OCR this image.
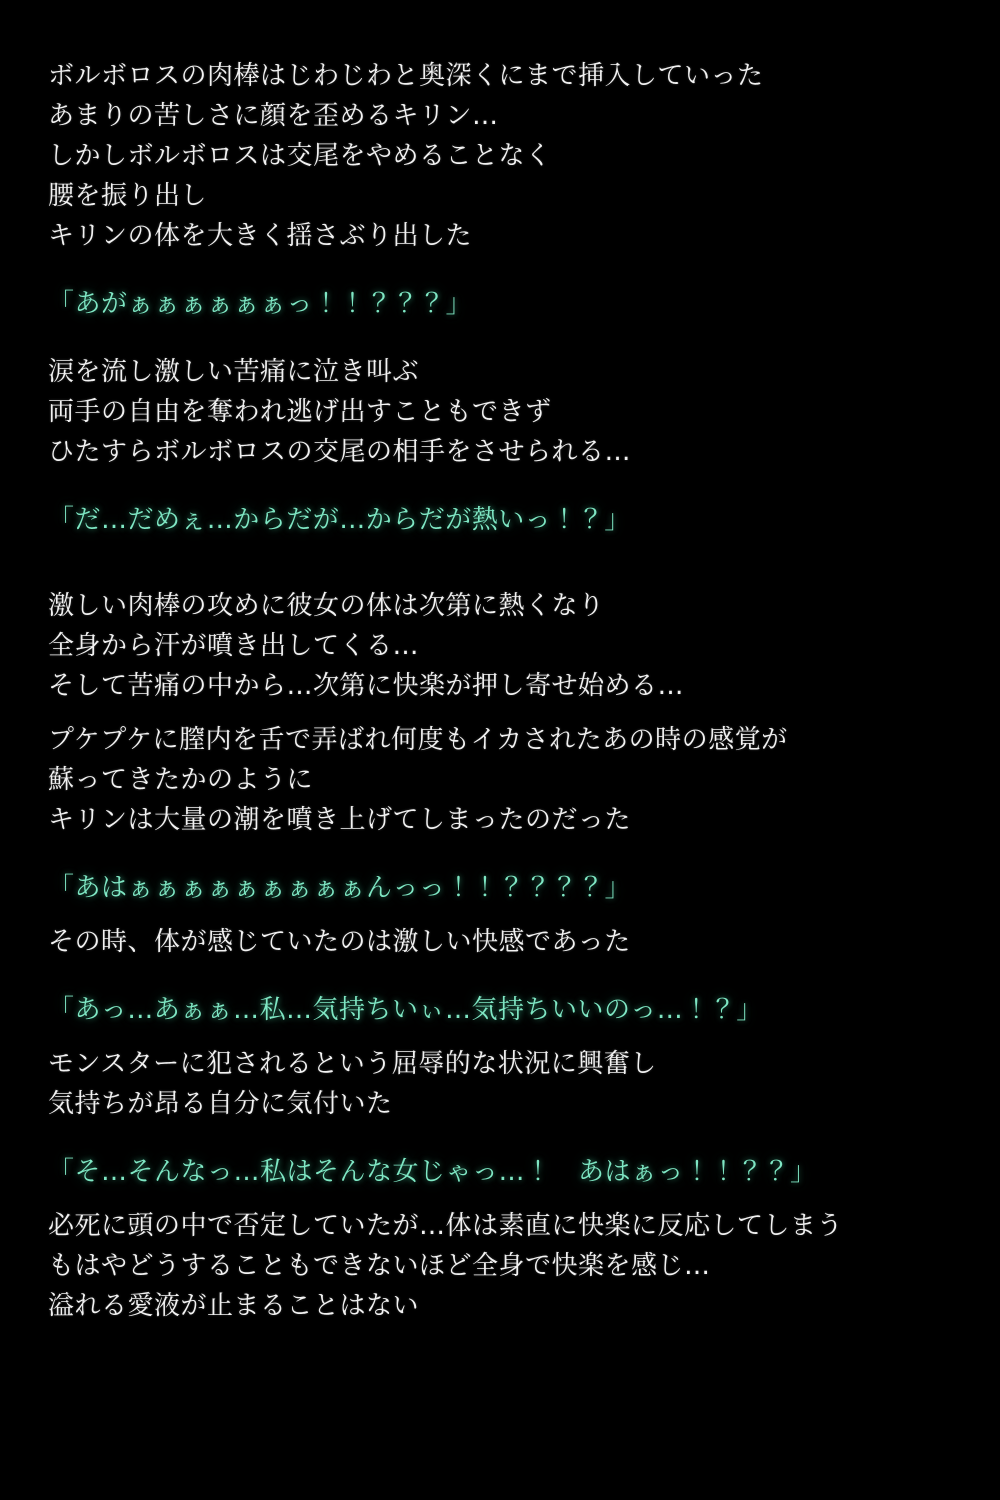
ボルボロスの肉棒はじわじわと奥深くにまで挿入していった
あまりの苦しさに顔を歪めるキリン…
しかしボルボロスは交尾をやめることなく
腰を振り出し
キリンの体を大きく揺さぶり出した
「あがぁぁぁぁぁぁっ！！？？？」
涙を流し激しい苦痛に泣き叫ぶ
両手の自由を奪われ逃げ出すこともできず
ひたすらボルボロスの交尾の相手をさせられる…
「だ…だめぇ…からだが…からだが熱いっ！？」
激しい肉棒の攻めに彼女の体は次第に熱くなり
全身から汗が噴き出してくる…
そして苦痛の中から…次第に快楽が押し寄せ始める…
プケプケに膣内を舌で弄ばれ何度もイカされたあの時の感覚が
蘇ってきたかのように
キリンは大量の潮を噴き上げてしまったのだった
「あはぁぁぁぁぁぁぁぁぁんっっ！！？？？？」
その時、体が感じていたのは激しい快感であった
「あっ…あぁぁ…私…気持ちいぃ…気持ちいいのっ…！？」
モンスターに犯されるという屈辱的な状況に興奮し
気持ちが昂る自分に気付いた
「そ…そんなっ…私はそんな女じゃっ…！　あはぁっ！！？？」
必死に頭の中で否定していたが…体は素直に快楽に反応してしまう
もはやどうすることもできないほど全身で快楽を感じ…
溢れる愛液が止まることはない
